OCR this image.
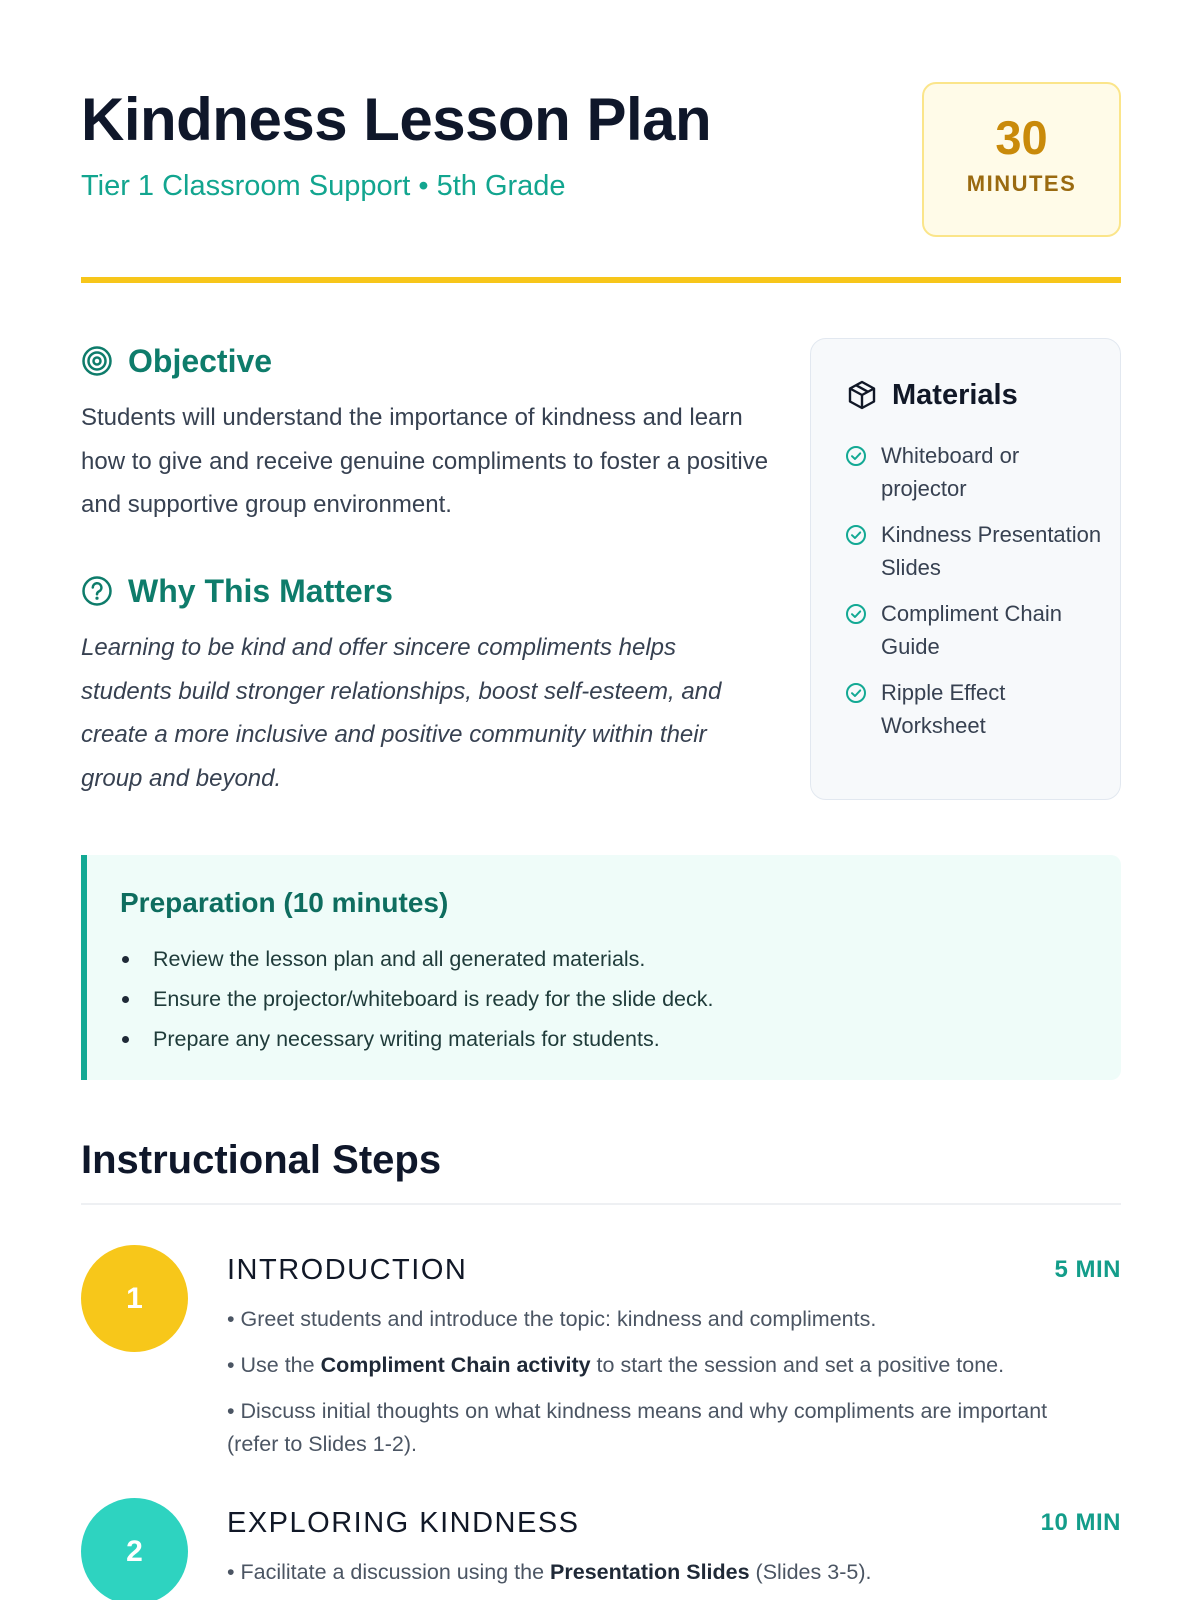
Kindness Lesson Plan
Tier 1 Classroom Support • 5th Grade
30
MINUTES
Objective

Students will understand the importance of kindness and learn how to give and receive genuine compliments to foster a positive and supportive group environment.

Why This Matters

Learning to be kind and offer sincere compliments helps students build stronger relationships, boost self-esteem, and create a more inclusive and positive community within their group and beyond.

Materials
Whiteboard or projector
Kindness Presentation Slides
Compliment Chain Guide
Ripple Effect Worksheet
Preparation (10 minutes)
Review the lesson plan and all generated materials.
Ensure the projector/whiteboard is ready for the slide deck.
Prepare any necessary writing materials for students.
Instructional Steps
1
INTRODUCTION	5 MIN

• Greet students and introduce the topic: kindness and compliments.

• Use the Compliment Chain activity to start the session and set a positive tone.

• Discuss initial thoughts on what kindness means and why compliments are important (refer to Slides 1-2).

2
EXPLORING KINDNESS	10 MIN

• Facilitate a discussion using the Presentation Slides (Slides 3-5).
